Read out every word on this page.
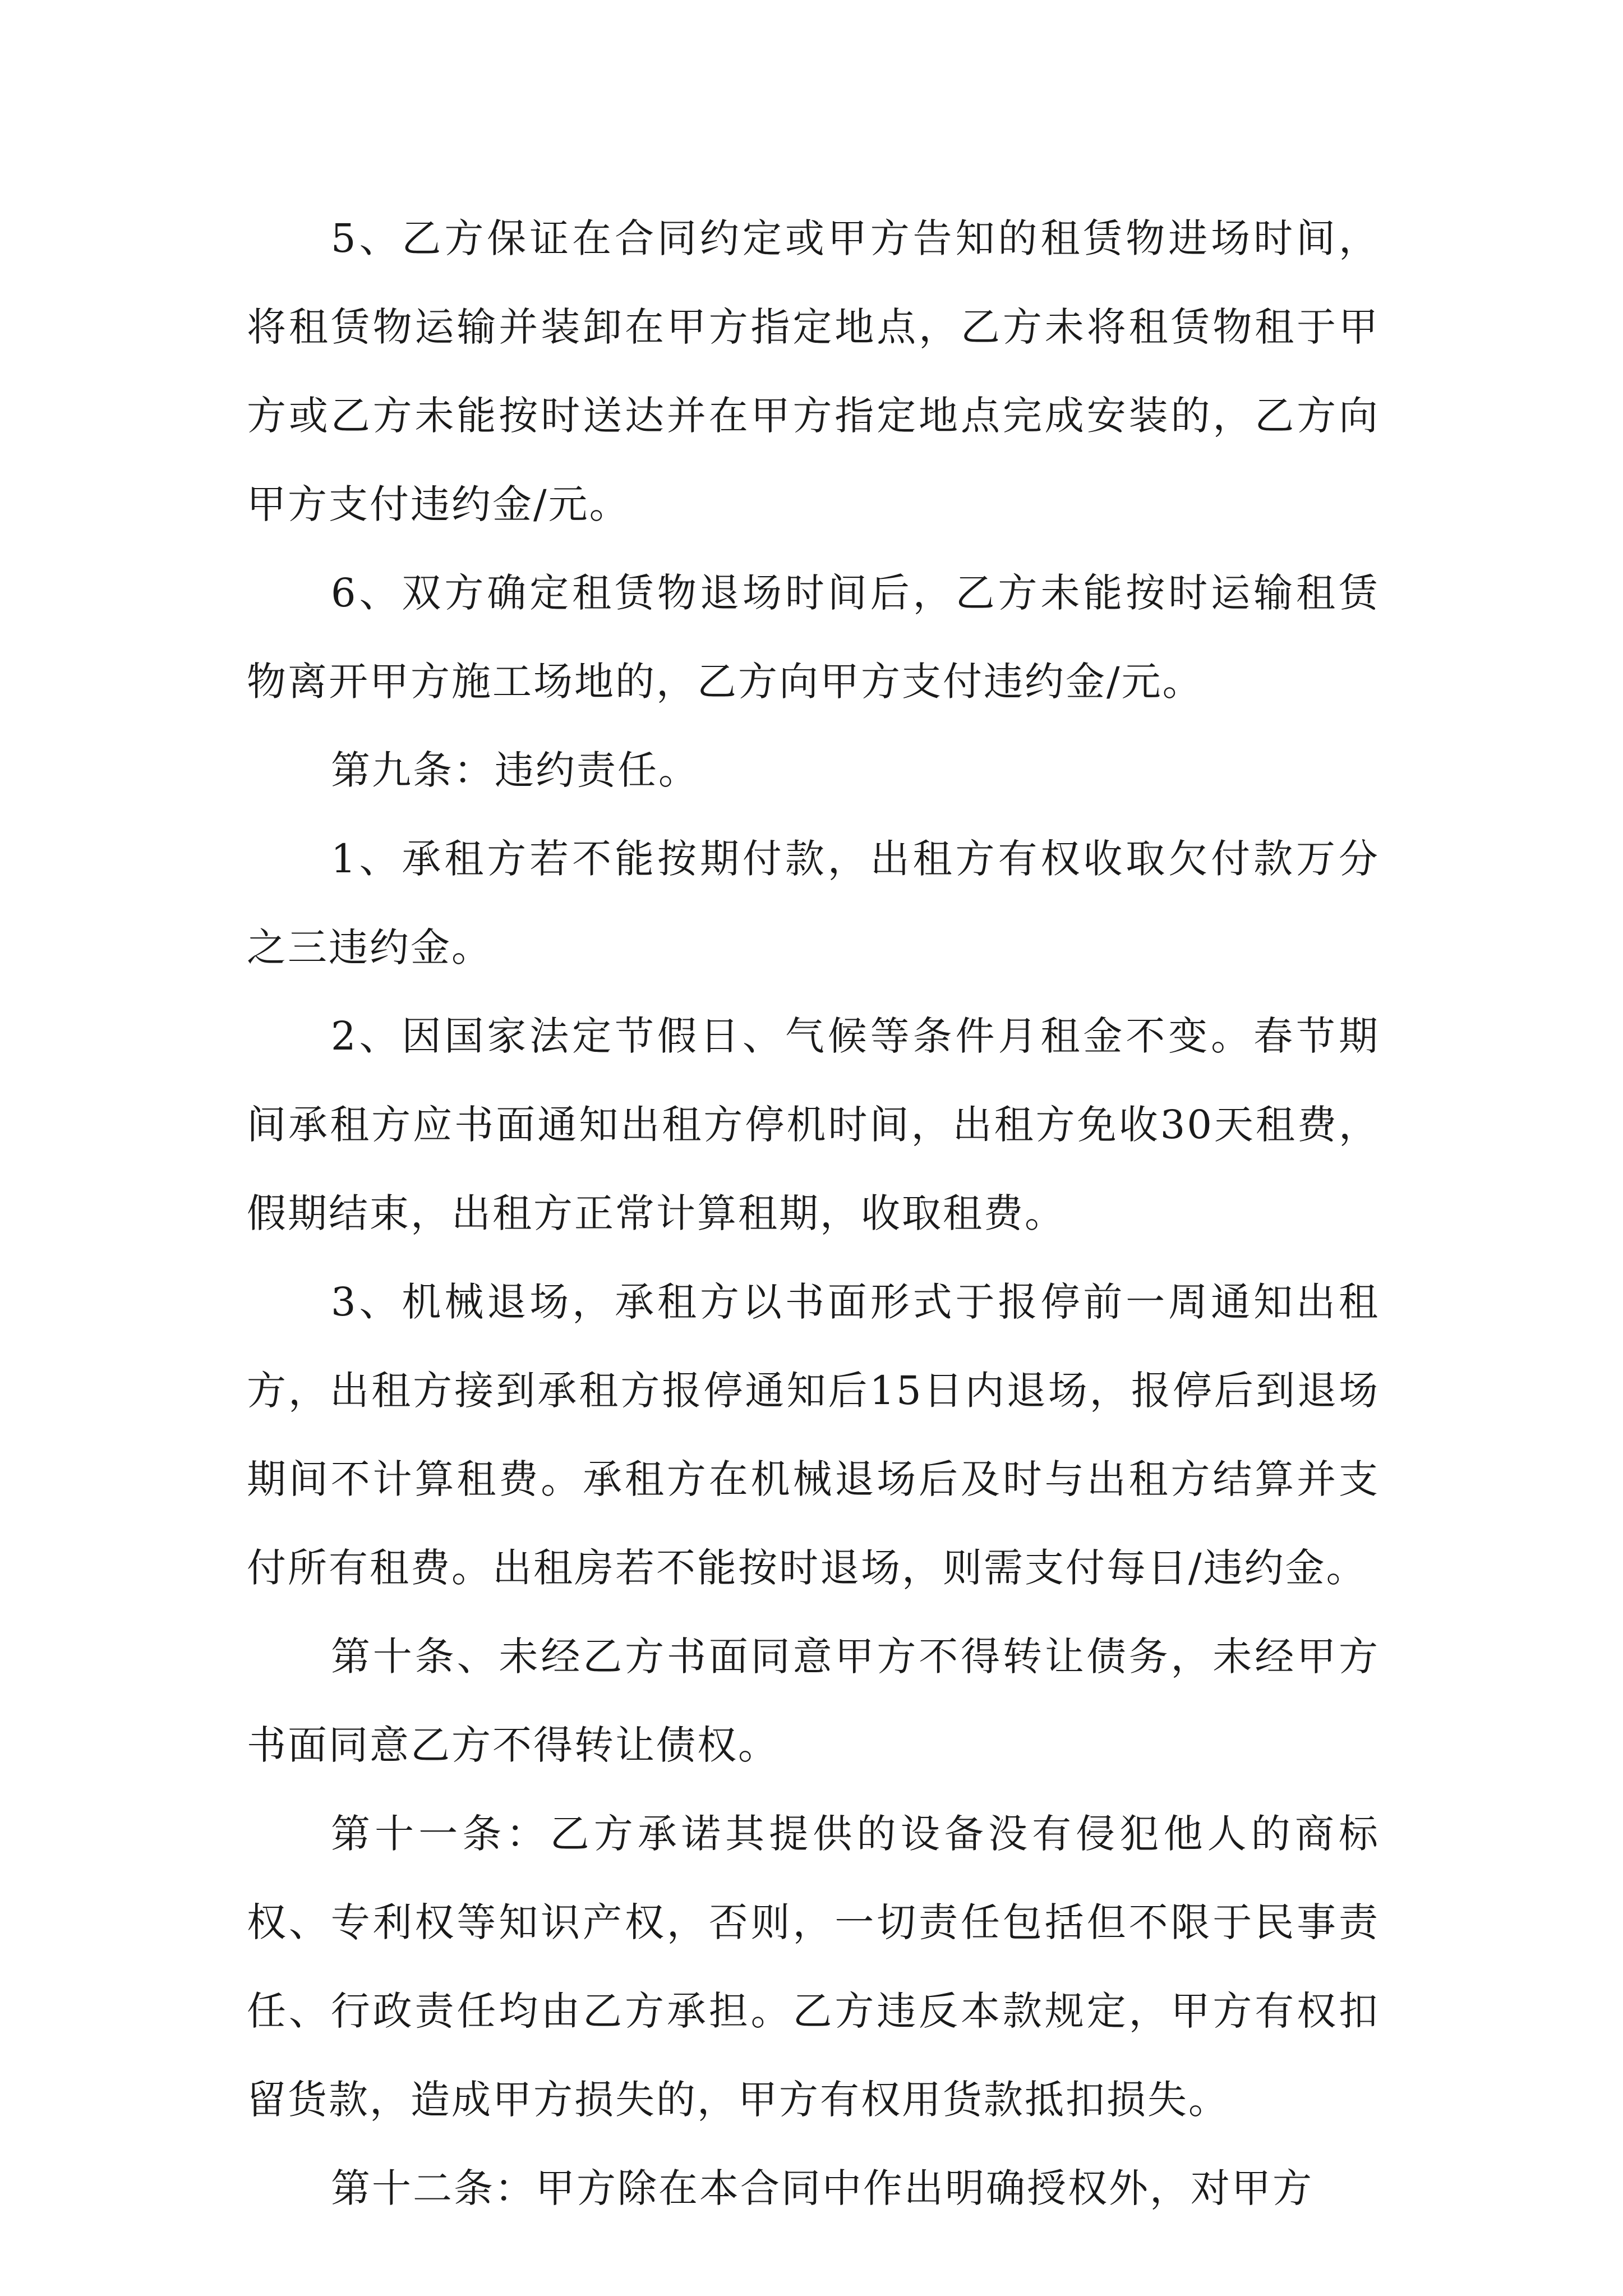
5、乙方保证在合同约定或甲方告知的租赁物进场时间，将租赁物运输并装卸在甲方指定地点，乙方未将租赁物租于甲方或乙方未能按时送达并在甲方指定地点完成安装的，乙方向甲方支付违约金/元。

6、双方确定租赁物退场时间后，乙方未能按时运输租赁物离开甲方施工场地的，乙方向甲方支付违约金/元。

第九条：违约责任。

1、承租方若不能按期付款，出租方有权收取欠付款万分之三违约金。

2、因国家法定节假日、气候等条件月租金不变。春节期间承租方应书面通知出租方停机时间，出租方免收30天租费，假期结束，出租方正常计算租期，收取租费。

3、机械退场，承租方以书面形式于报停前一周通知出租方，出租方接到承租方报停通知后15日内退场，报停后到退场期间不计算租费。承租方在机械退场后及时与出租方结算并支付所有租费。出租房若不能按时退场，则需支付每日/违约金。

第十条、未经乙方书面同意甲方不得转让债务，未经甲方书面同意乙方不得转让债权。

第十一条：乙方承诺其提供的设备没有侵犯他人的商标权、专利权等知识产权，否则，一切责任包括但不限于民事责任、行政责任均由乙方承担。乙方违反本款规定，甲方有权扣留货款，造成甲方损失的，甲方有权用货款抵扣损失。

第十二条：甲方除在本合同中作出明确授权外，对甲方
